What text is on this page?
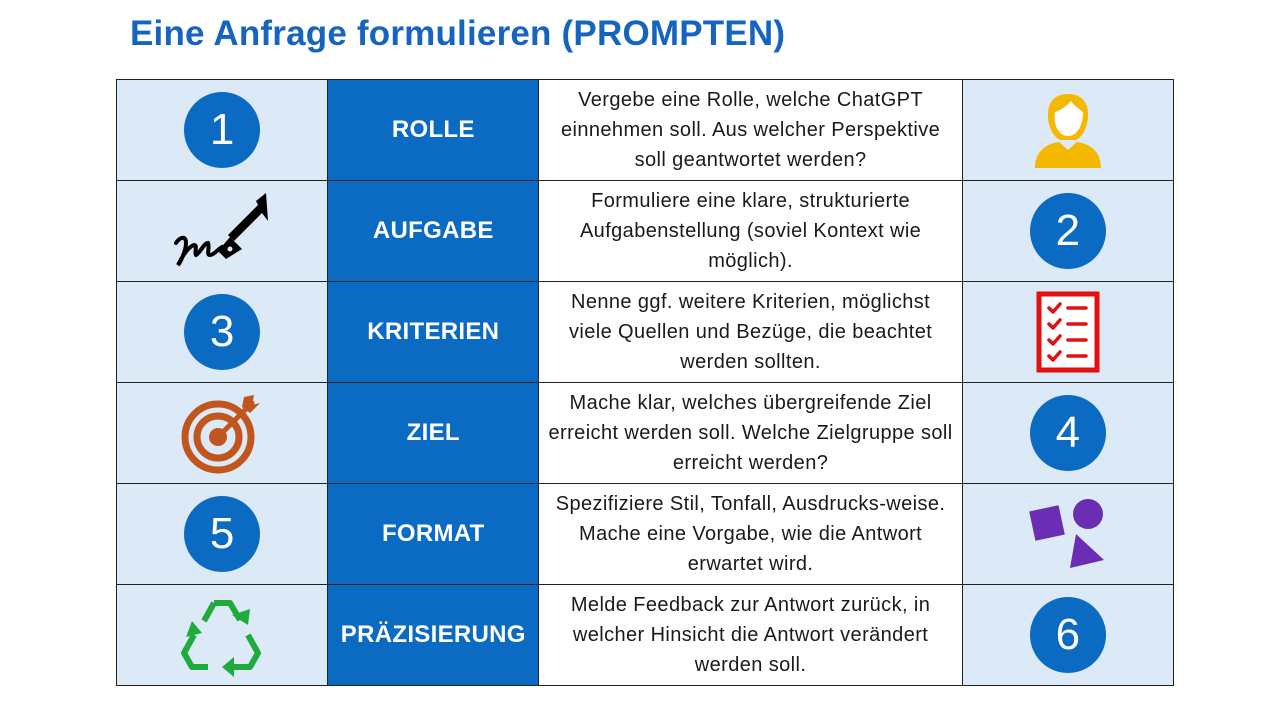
Eine Anfrage formulieren (PROMPTEN)
1	ROLLE	Vergebe eine Rolle, welche ChatGPT einnehmen soll. Aus welcher Perspektive soll geantwortet werden?

	AUFGABE	Formuliere eine klare, strukturierte Aufgabenstellung (soviel Kontext wie möglich).	2
3	KRITERIEN	Nenne ggf. weitere Kriterien, möglichst viele Quellen und Bezüge, die beachtet werden sollten.

	ZIEL	Mache klar, welches übergreifende Ziel erreicht werden soll. Welche Zielgruppe soll erreicht werden?	4
5	FORMAT	Spezifiziere Stil, Tonfall, Ausdrucks-weise. Mache eine Vorgabe, wie die Antwort erwartet wird.

	PRÄZISIERUNG	Melde Feedback zur Antwort zurück, in welcher Hinsicht die Antwort verändert werden soll.	6
